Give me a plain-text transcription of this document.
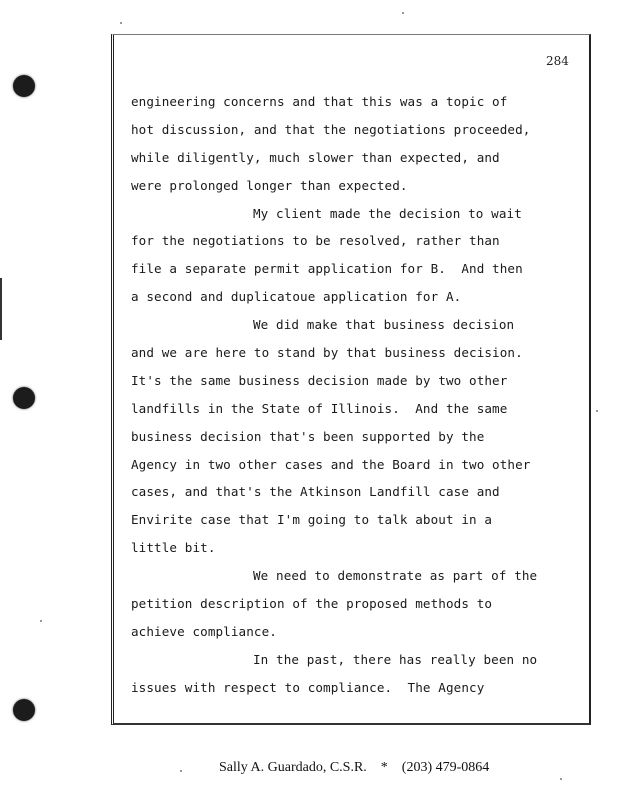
284
engineering concerns and that this was a topic of
hot discussion, and that the negotiations proceeded,
while diligently, much slower than expected, and
were prolonged longer than expected.
My client made the decision to wait
for the negotiations to be resolved, rather than
file a separate permit application for B.  And then
a second and duplicatoue application for A.
We did make that business decision
and we are here to stand by that business decision.
It's the same business decision made by two other
landfills in the State of Illinois.  And the same
business decision that's been supported by the
Agency in two other cases and the Board in two other
cases, and that's the Atkinson Landfill case and
Envirite case that I'm going to talk about in a
little bit.
We need to demonstrate as part of the
petition description of the proposed methods to
achieve compliance.
In the past, there has really been no
issues with respect to compliance.  The Agency

Sally A. Guardado, C.S.R. * (203) 479-0864
